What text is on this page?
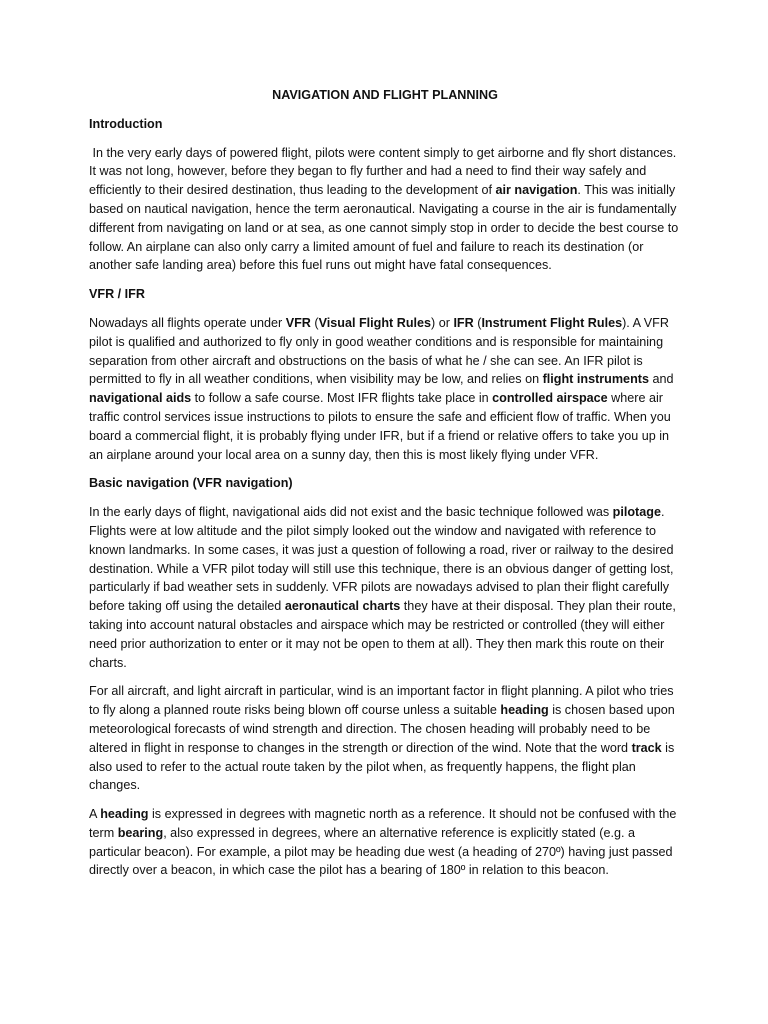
NAVIGATION AND FLIGHT PLANNING
Introduction

In the very early days of powered flight, pilots were content simply to get airborne and fly short distances. It was not long, however, before they began to fly further and had a need to find their way safely and efficiently to their desired destination, thus leading to the development of air navigation. This was initially based on nautical navigation, hence the term aeronautical. Navigating a course in the air is fundamentally different from navigating on land or at sea, as one cannot simply stop in order to decide the best course to follow. An airplane can also only carry a limited amount of fuel and failure to reach its destination (or another safe landing area) before this fuel runs out might have fatal consequences.

VFR / IFR

Nowadays all flights operate under VFR (Visual Flight Rules) or IFR (Instrument Flight Rules). A VFR pilot is qualified and authorized to fly only in good weather conditions and is responsible for maintaining separation from other aircraft and obstructions on the basis of what he / she can see. An IFR pilot is permitted to fly in all weather conditions, when visibility may be low, and relies on flight instruments and navigational aids to follow a safe course. Most IFR flights take place in controlled airspace where air traffic control services issue instructions to pilots to ensure the safe and efficient flow of traffic. When you board a commercial flight, it is probably flying under IFR, but if a friend or relative offers to take you up in an airplane around your local area on a sunny day, then this is most likely flying under VFR.

Basic navigation (VFR navigation)

In the early days of flight, navigational aids did not exist and the basic technique followed was pilotage. Flights were at low altitude and the pilot simply looked out the window and navigated with reference to known landmarks. In some cases, it was just a question of following a road, river or railway to the desired destination. While a VFR pilot today will still use this technique, there is an obvious danger of getting lost, particularly if bad weather sets in suddenly. VFR pilots are nowadays advised to plan their flight carefully before taking off using the detailed aeronautical charts they have at their disposal. They plan their route, taking into account natural obstacles and airspace which may be restricted or controlled (they will either need prior authorization to enter or it may not be open to them at all). They then mark this route on their charts.

For all aircraft, and light aircraft in particular, wind is an important factor in flight planning. A pilot who tries to fly along a planned route risks being blown off course unless a suitable heading is chosen based upon meteorological forecasts of wind strength and direction. The chosen heading will probably need to be altered in flight in response to changes in the strength or direction of the wind. Note that the word track is also used to refer to the actual route taken by the pilot when, as frequently happens, the flight plan changes.

A heading is expressed in degrees with magnetic north as a reference. It should not be confused with the term bearing, also expressed in degrees, where an alternative reference is explicitly stated (e.g. a particular beacon). For example, a pilot may be heading due west (a heading of 270º) having just passed directly over a beacon, in which case the pilot has a bearing of 180º in relation to this beacon.
